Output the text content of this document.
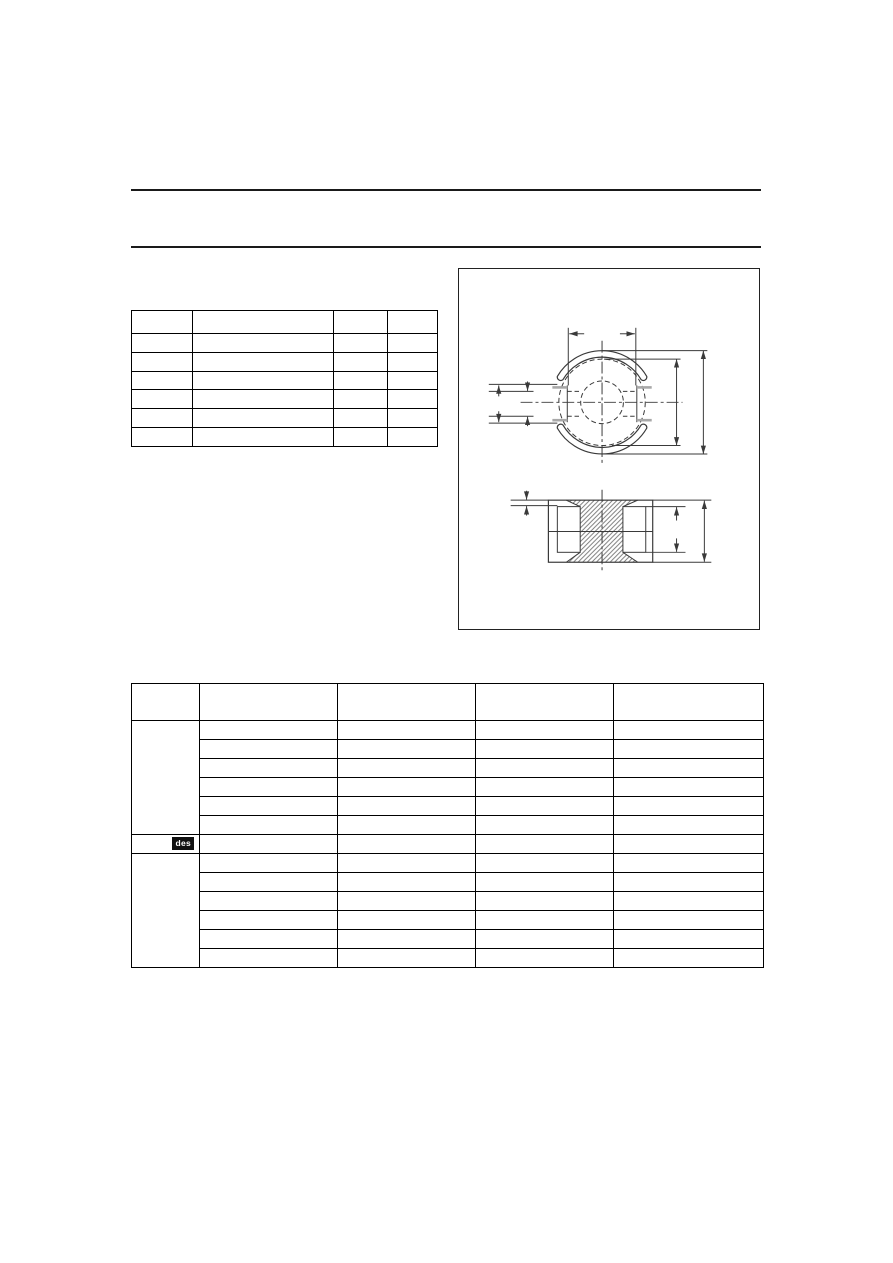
des				
